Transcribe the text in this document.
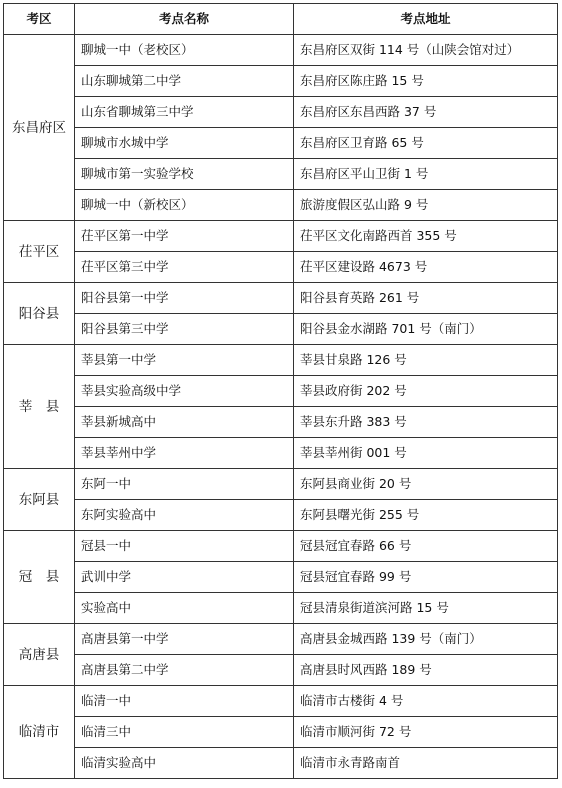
考区	考点名称	考点地址
东昌府区	聊城一中（老校区）	东昌府区双街 114 号（山陕会馆对过）
	山东聊城第二中学	东昌府区陈庄路 15 号
	山东省聊城第三中学	东昌府区东昌西路 37 号
	聊城市水城中学	东昌府区卫育路 65 号
	聊城市第一实验学校	东昌府区平山卫街 1 号
	聊城一中（新校区）	旅游度假区弘山路 9 号
茌平区	茌平区第一中学	茌平区文化南路西首 355 号
	茌平区第三中学	茌平区建设路 4673 号
阳谷县	阳谷县第一中学	阳谷县育英路 261 号
	阳谷县第三中学	阳谷县金水湖路 701 号（南门）
莘　县	莘县第一中学	莘县甘泉路 126 号
	莘县实验高级中学	莘县政府街 202 号
	莘县新城高中	莘县东升路 383 号
	莘县莘州中学	莘县莘州街 001 号
东阿县	东阿一中	东阿县商业街 20 号
	东阿实验高中	东阿县曙光街 255 号
冠　县	冠县一中	冠县冠宜春路 66 号
	武训中学	冠县冠宜春路 99 号
	实验高中	冠县清泉街道滨河路 15 号
高唐县	高唐县第一中学	高唐县金城西路 139 号（南门）
	高唐县第二中学	高唐县时风西路 189 号
临清市	临清一中	临清市古楼街 4 号
	临清三中	临清市顺河街 72 号
	临清实验高中	临清市永青路南首
